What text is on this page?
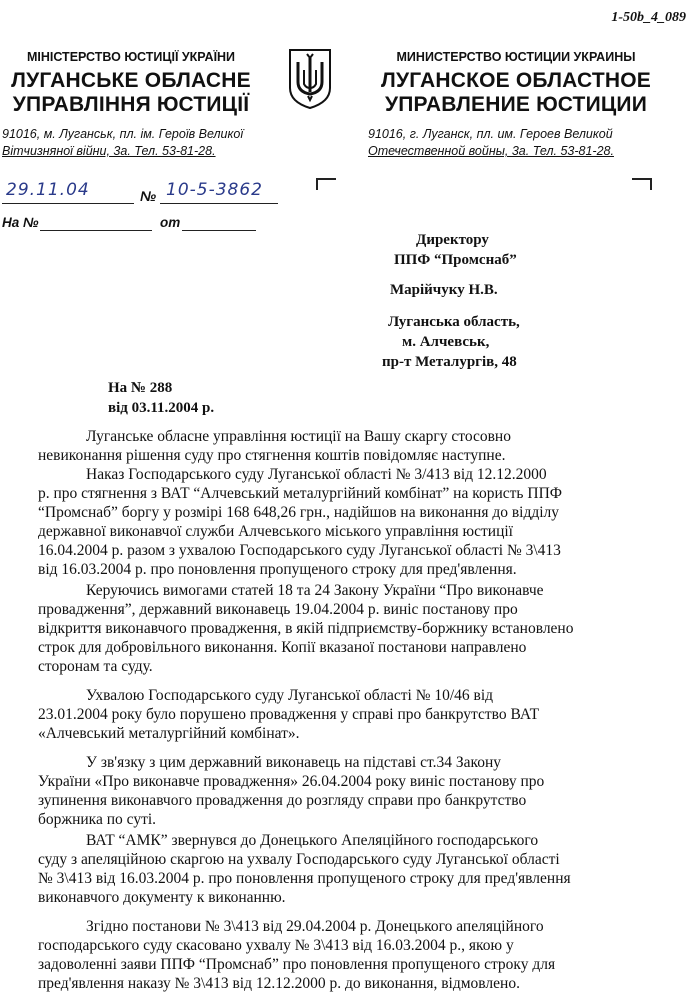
1-50b_4_089
МІНІСТЕРСТВО ЮСТИЦІЇ УКРАЇНИ
ЛУГАНСЬКЕ ОБЛАСНЕ
УПРАВЛІННЯ ЮСТИЦІЇ
91016, м. Луганськ, пл. ім. Героїв Великої
Вітчизняної війни, 3а. Тел. 53-81-28.
МИНИСТЕРСТВО ЮСТИЦИИ УКРАИНЫ
ЛУГАНСКОЕ ОБЛАСТНОЕ
УПРАВЛЕНИЕ ЮСТИЦИИ
91016, г. Луганск, пл. им. Героев Великой
Отечественной войны, 3а. Тел. 53-81-28.
29.11.04	№ 10-5-3862
На №	от
Директору
ППФ “Промснаб”
Марійчуку Н.В.
Луганська область,
м. Алчевськ,
пр-т Металургів, 48
На № 288
від 03.11.2004 р.
Луганське обласне управління юстиції на Вашу скаргу стосовно
невиконання рішення суду про стягнення коштів повідомляє наступне.
Наказ Господарського суду Луганської області № 3/413 від 12.12.2000
р. про стягнення з ВАТ “Алчевський металургійний комбінат” на користь ППФ
“Промснаб” боргу у розмірі 168 648,26 грн., надійшов на виконання до відділу
державної виконавчої служби Алчевського міського управління юстиції
16.04.2004 р. разом з ухвалою Господарського суду Луганської області № 3\413
від 16.03.2004 р. про поновлення пропущеного строку для пред'явлення.
Керуючись вимогами статей 18 та 24 Закону України “Про виконавче
провадження”, державний виконавець 19.04.2004 р. виніс постанову про
відкриття виконавчого провадження, в якій підприємству-боржнику встановлено
строк для добровільного виконання. Копії вказаної постанови направлено
сторонам та суду.
Ухвалою Господарського суду Луганської області № 10/46 від
23.01.2004 року було порушено провадження у справі про банкрутство ВАТ
«Алчевський металургійний комбінат».
У зв'язку з цим державний виконавець на підставі ст.34 Закону
України «Про виконавче провадження» 26.04.2004 року виніс постанову про
зупинення виконавчого провадження до розгляду справи про банкрутство
боржника по суті.
ВАТ “АМК” звернувся до Донецького Апеляційного господарського
суду з апеляційною скаргою на ухвалу Господарського суду Луганської області
№ 3\413 від 16.03.2004 р. про поновлення пропущеного строку для пред'явлення
виконавчого документу к виконанню.
Згідно постанови № 3\413 від 29.04.2004 р. Донецького апеляційного
господарського суду скасовано ухвалу № 3\413 від 16.03.2004 р., якою у
задоволенні заяви ППФ “Промснаб” про поновлення пропущеного строку для
пред'явлення наказу № 3\413 від 12.12.2000 р. до виконання, відмовлено.
